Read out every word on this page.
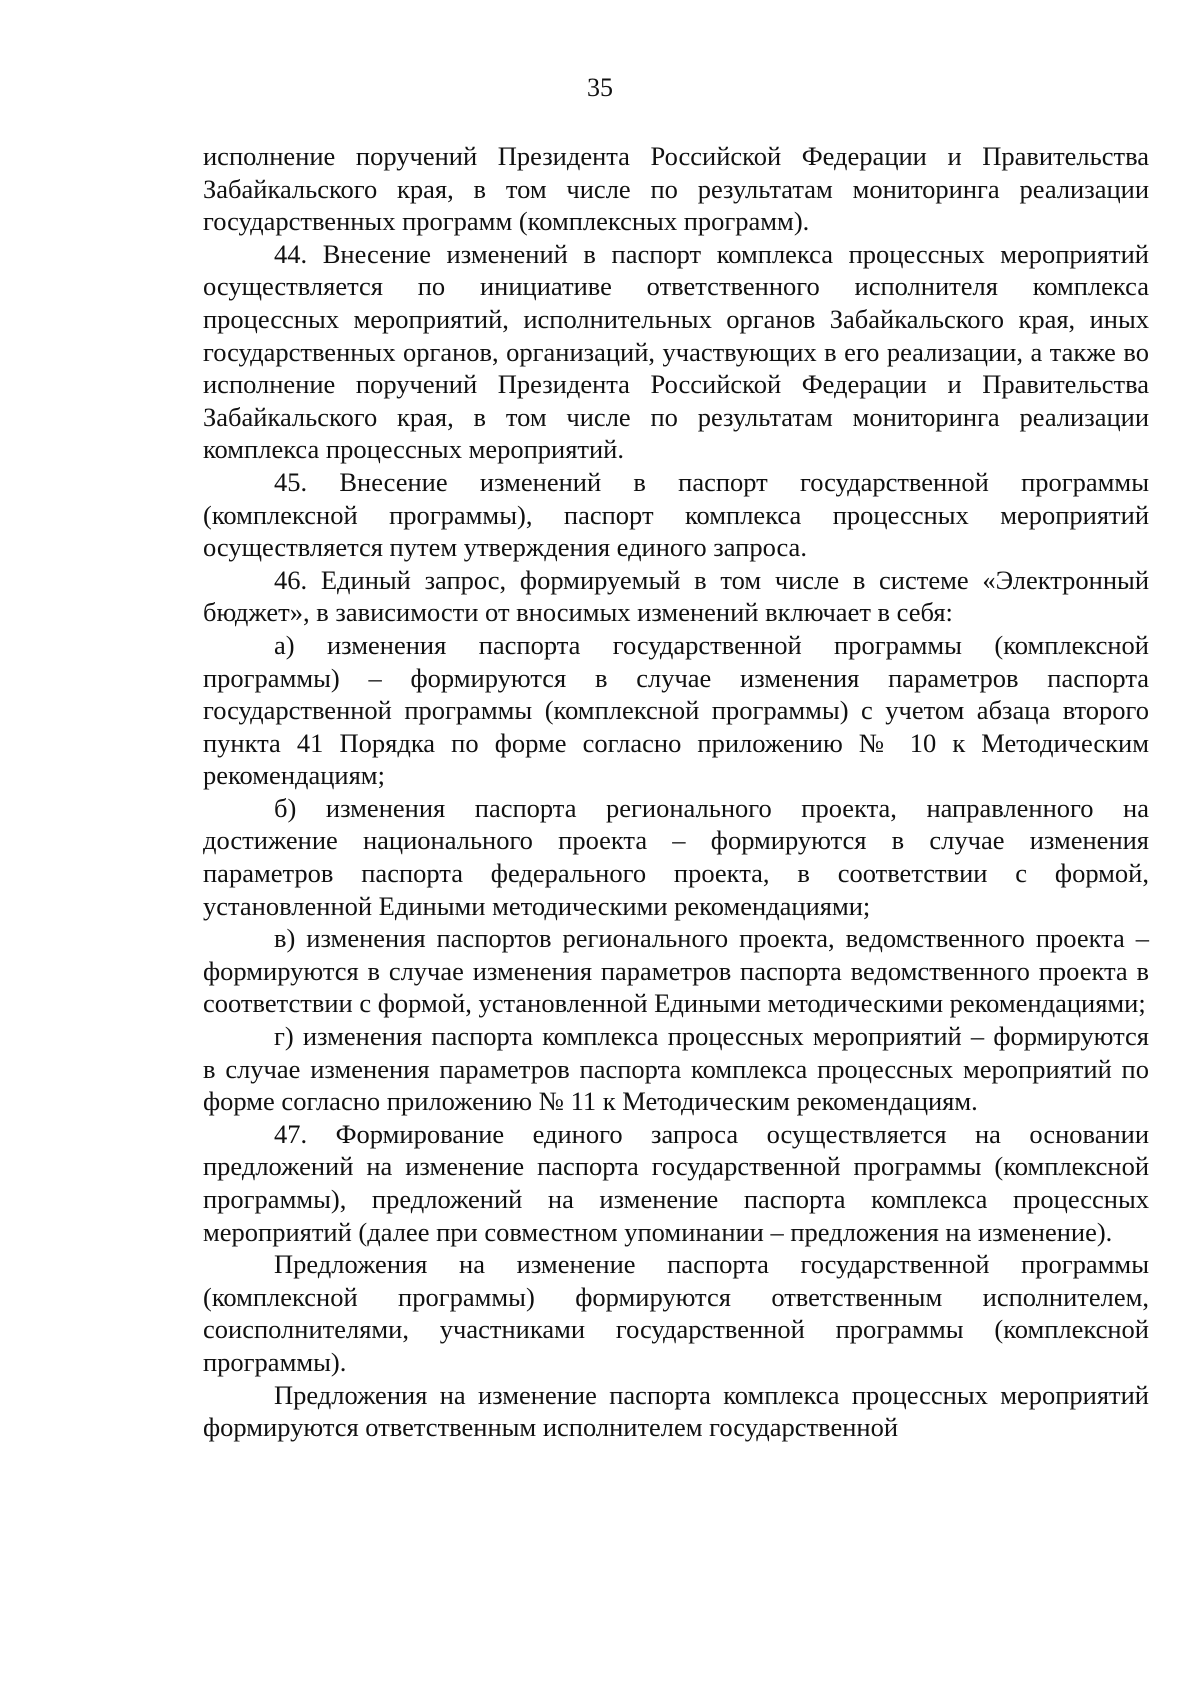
35

исполнение поручений Президента Российской Федерации и Правительства Забайкальского края, в том числе по результатам мониторинга реализации государственных программ (комплексных программ).

44. Внесение изменений в паспорт комплекса процессных мероприятий осуществляется по инициативе ответственного исполнителя комплекса процессных мероприятий, исполнительных органов Забайкальского края, иных государственных органов, организаций, участвующих в его реализации, а также во исполнение поручений Президента Российской Федерации и Правительства Забайкальского края, в том числе по результатам мониторинга реализации комплекса процессных мероприятий.

45. Внесение изменений в паспорт государственной программы (комплексной программы), паспорт комплекса процессных мероприятий осуществляется путем утверждения единого запроса.

46. Единый запрос, формируемый в том числе в системе «Электронный бюджет», в зависимости от вносимых изменений включает в себя:

а) изменения паспорта государственной программы (комплексной программы) – формируются в случае изменения параметров паспорта государственной программы (комплексной программы) с учетом абзаца второго пункта 41 Порядка по форме согласно приложению № 10 к Методическим рекомендациям;

б) изменения паспорта регионального проекта, направленного на достижение национального проекта – формируются в случае изменения параметров паспорта федерального проекта, в соответствии с формой, установленной Едиными методическими рекомендациями;

в) изменения паспортов регионального проекта, ведомственного проекта – формируются в случае изменения параметров паспорта ведомственного проекта в соответствии с формой, установленной Едиными методическими рекомендациями;

г) изменения паспорта комплекса процессных мероприятий – формируются в случае изменения параметров паспорта комплекса процессных мероприятий по форме согласно приложению № 11 к Методическим рекомендациям.

47. Формирование единого запроса осуществляется на основании предложений на изменение паспорта государственной программы (комплексной программы), предложений на изменение паспорта комплекса процессных мероприятий (далее при совместном упоминании – предложения на изменение).

Предложения на изменение паспорта государственной программы (комплексной программы) формируются ответственным исполнителем, соисполнителями, участниками государственной программы (комплексной программы).

Предложения на изменение паспорта комплекса процессных мероприятий формируются ответственным исполнителем государственной
